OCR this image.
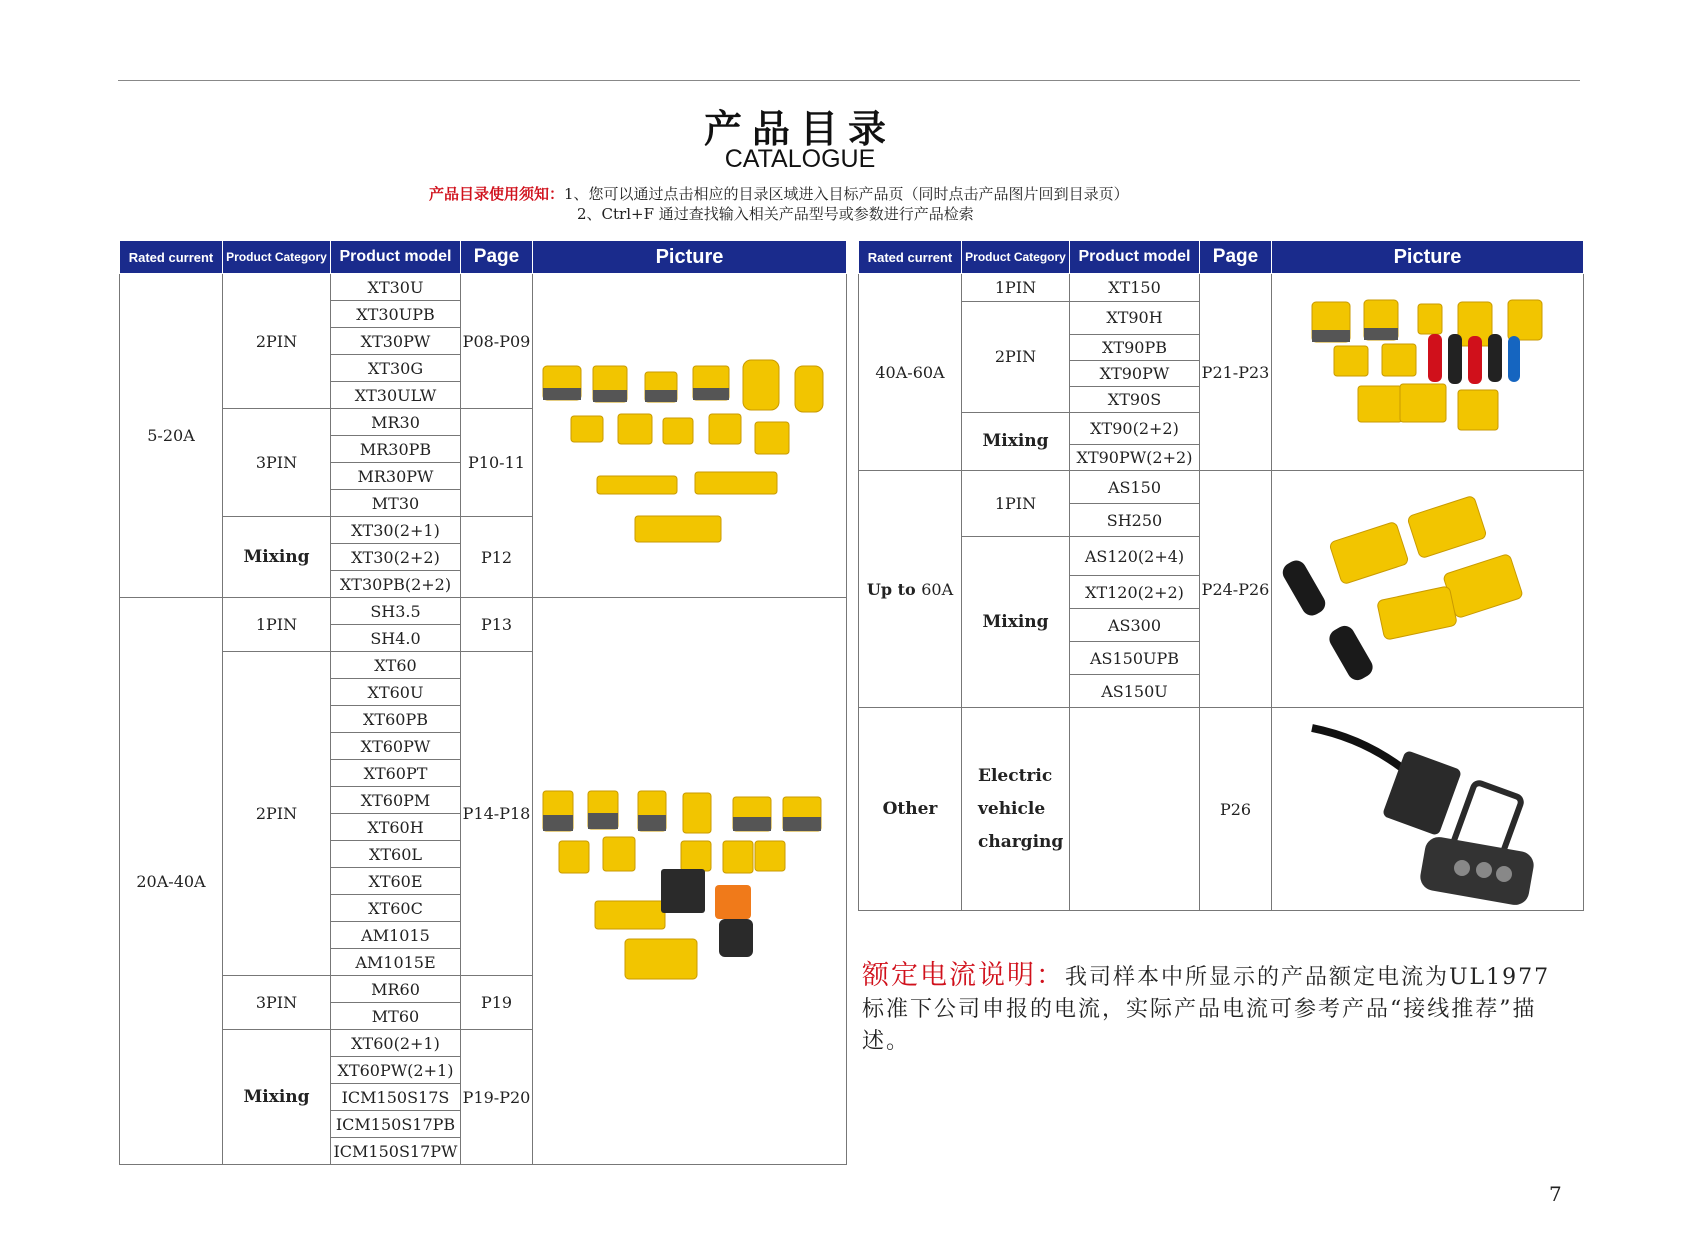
产品目录
CATALOGUE
产品目录使用须知：1、您可以通过点击相应的目录区域进入目标产品页（同时点击产品图片回到目录页）
2、Ctrl+F 通过查找输入相关产品型号或参数进行产品检索
Rated current	Product Category	Product model	Page	Picture
5-20A	2PIN	XT30U	P08-P09	

		XT30UPB		
		XT30PW		
		XT30G		
		XT30ULW		
	3PIN	MR30	P10-11	
		MR30PB		
		MR30PW		
		MT30		
	Mixing	XT30(2+1)	P12	
		XT30(2+2)		
		XT30PB(2+2)		
20A-40A	1PIN	SH3.5	P13	

		SH4.0		
	2PIN	XT60	P14-P18	
		XT60U		
		XT60PB		
		XT60PW		
		XT60PT		
		XT60PM		
		XT60H		
		XT60L		
		XT60E		
		XT60C		
		AM1015		
		AM1015E		
	3PIN	MR60	P19	
		MT60		
	Mixing	XT60(2+1)	P19-P20	
		XT60PW(2+1)		
		ICM150S17S		
		ICM150S17PB		
		ICM150S17PW		
Rated current	Product Category	Product model	Page	Picture
40A-60A	1PIN	XT150	P21-P23	

	2PIN	XT90H		
		XT90PB		
		XT90PW		
		XT90S		
	Mixing	XT90(2+2)		
		XT90PW(2+2)		
Up to 60A	1PIN	AS150	P24-P26	

		SH250		
	Mixing	AS120(2+4)		
		XT120(2+2)		
		AS300		
		AS150UPB		
		AS150U		
Other	Electric
vehicle
charging		P26	
额定电流说明：我司样本中所显示的产品额定电流为UL1977标准下公司申报的电流，实际产品电流可参考产品“接线推荐”描述。
7
